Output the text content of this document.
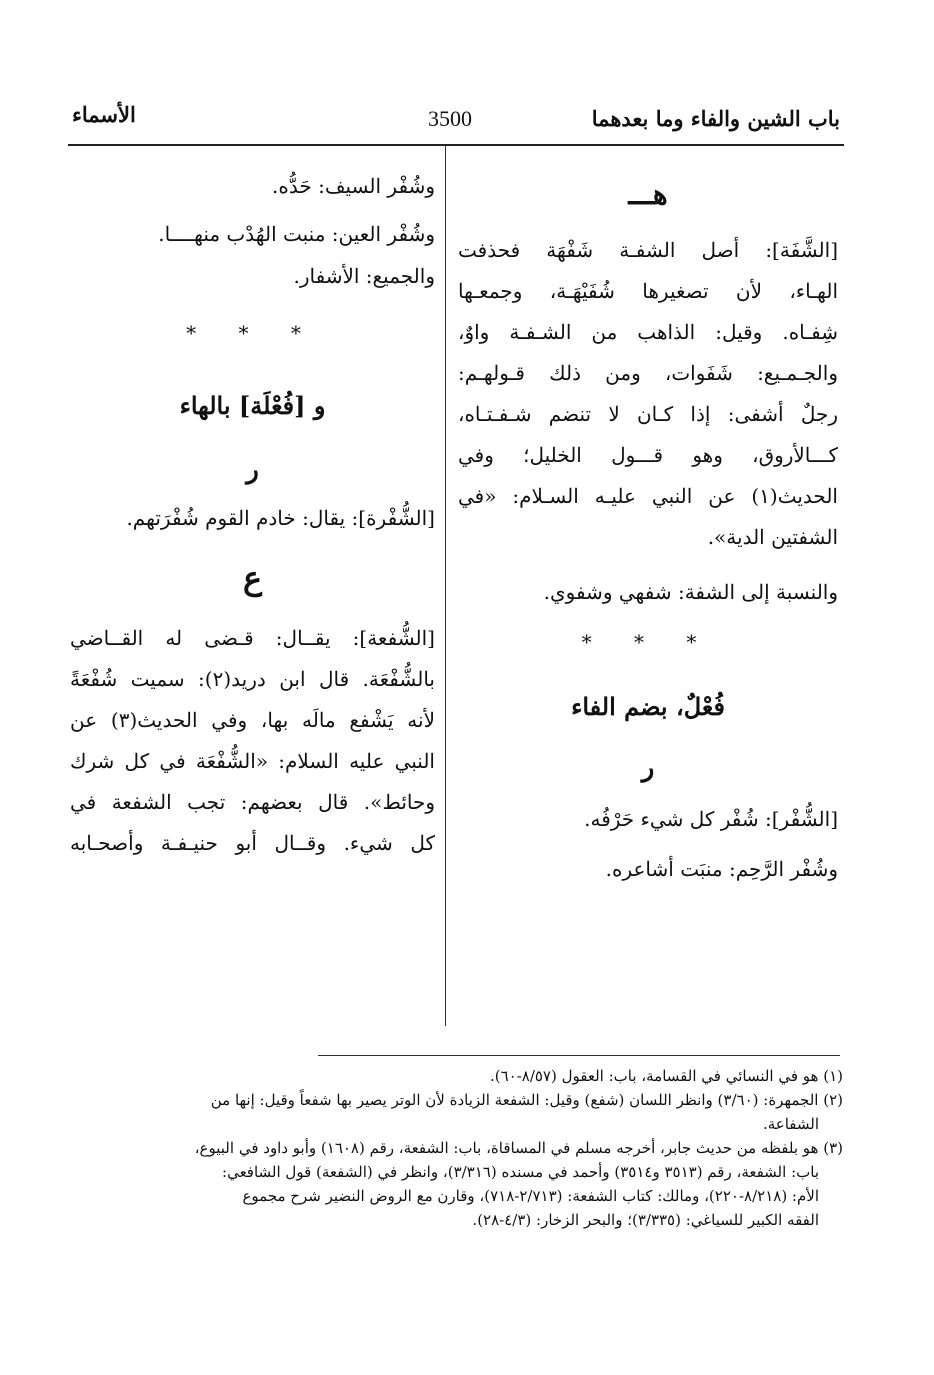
باب الشين والفاء وما بعدهما
3500
الأسماء
هـــ
[الشَّفَة]: أصل الشفـة شَفْهَة فحذفت
الهـاء، لأن تصغيرها شُفَيْهَـة، وجمعـها
شِفـاه. وقيل: الذاهب من الشـفـة واوٌ،
والجـمـيع: شَفَوات، ومن ذلك قـولهـم:
رجلٌ أشفى: إذا كـان لا تنضم شـفـتـاه،
كـــالأروق، وهو قـــول الخليل؛ وفي
الحديث(١) عن النبي عليـه السـلام: «في
الشفتين الدية».
والنسبة إلى الشفة: شفهي وشفوي.
* * *
فُعْلٌ، بضم الفاء
ر
[الشُّفْر]: شُفْر كل شيء حَرْفُه.
وشُفْر الرَّحِم: منبَت أشاعره.
وشُفْر السيف: حَدُّه.
وشُفْر العين: منبت الهُدْب منهــــا.
والجميع: الأشفار.
* * *
و [فُعْلَة] بالهاء
ر
[الشُّفْرة]: يقال: خادم القوم شُفْرَتهم.
ع
[الشُّفعة]: يقــال: قـضى له القــاضي
بالشُّفْعَة. قال ابن دريد(٢): سميت شُفْعَةً
لأنه يَشْفع مالَه بها، وفي الحديث(٣) عن
النبي عليه السلام: «الشُّفْعَة في كل شرك
وحائط». قال بعضهم: تجب الشفعة في
كل شيء. وقــال أبو حنيـفـة وأصحـابه
(١) هو في النسائي في القسامة، باب: العقول (٨/٥٧-٦٠).
(٢) الجمهرة: (٣/٦٠) وانظر اللسان (شفع) وقيل: الشفعة الزيادة لأن الوتر يصير بها شفعاً وقيل: إنها من
الشفاعة.
(٣) هو بلفظه من حديث جابر، أخرجه مسلم في المساقاة، باب: الشفعة، رقم (١٦٠٨) وأبو داود في البيوع،
باب: الشفعة، رقم (٣٥١٣ و٣٥١٤) وأحمد في مسنده (٣/٣١٦)، وانظر في (الشفعة) قول الشافعي:
الأم: (٨/٢١٨-٢٢٠)، ومالك: كتاب الشفعة: (٢/٧١٣-٧١٨)، وقارن مع الروض النضير شرح مجموع
الفقه الكبير للسياغي: (٣/٣٣٥)؛ والبحر الزخار: (٤/٣-٢٨).
